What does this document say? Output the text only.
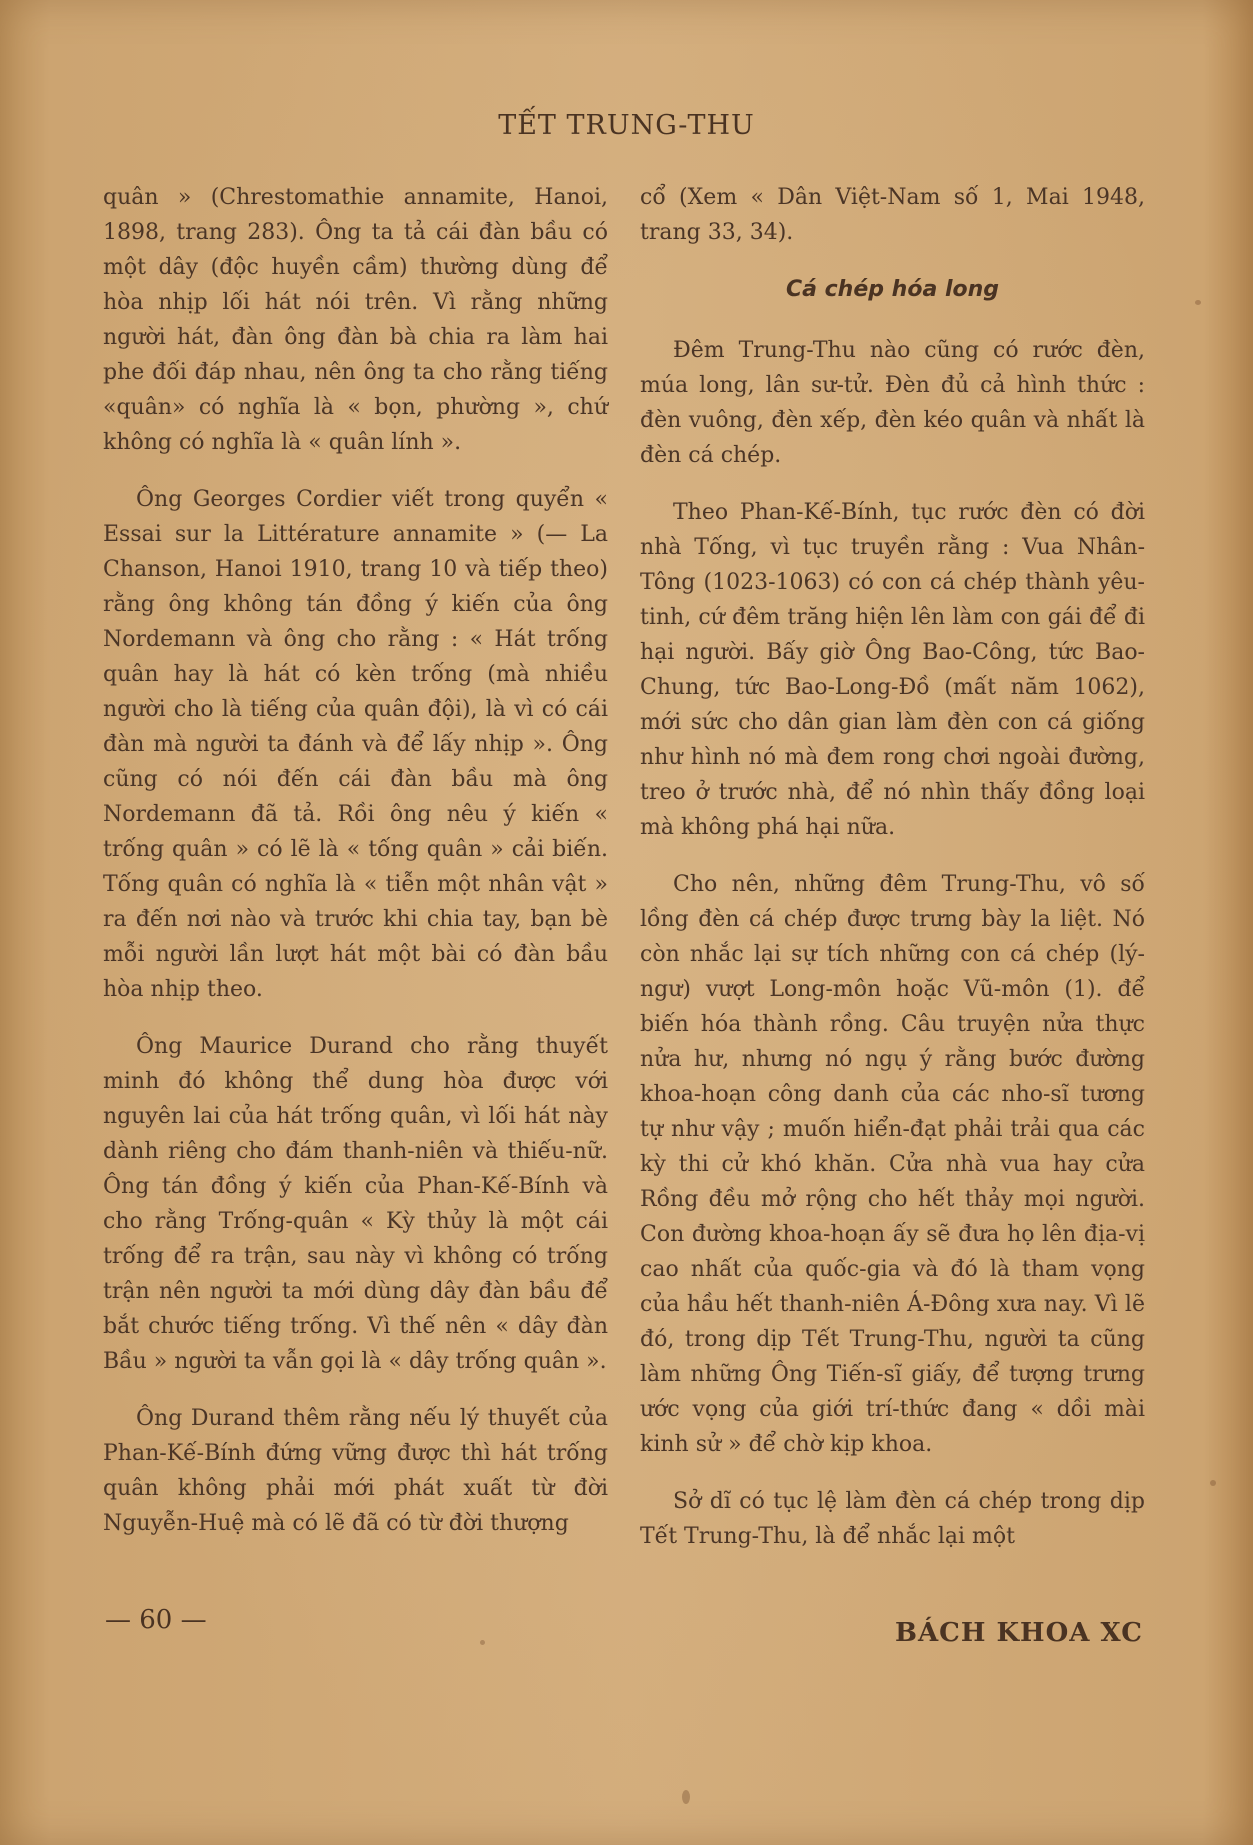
TẾT TRUNG-THU

quân » (Chrestomathie annamite, Hanoi, 1898, trang 283). Ông ta tả cái đàn bầu có một dây (độc huyền cầm) thường dùng để hòa nhịp lối hát nói trên. Vì rằng những người hát, đàn ông đàn bà chia ra làm hai phe đối đáp nhau, nên ông ta cho rằng tiếng «quân» có nghĩa là « bọn, phường », chứ không có nghĩa là « quân lính ».

Ông Georges Cordier viết trong quyển « Essai sur la Littérature annamite » (— La Chanson, Hanoi 1910, trang 10 và tiếp theo) rằng ông không tán đồng ý kiến của ông Nordemann và ông cho rằng : « Hát trống quân hay là hát có kèn trống (mà nhiều người cho là tiếng của quân đội), là vì có cái đàn mà người ta đánh và để lấy nhịp ». Ông cũng có nói đến cái đàn bầu mà ông Nordemann đã tả. Rồi ông nêu ý kiến « trống quân » có lẽ là « tống quân » cải biến. Tống quân có nghĩa là « tiễn một nhân vật » ra đến nơi nào và trước khi chia tay, bạn bè mỗi người lần lượt hát một bài có đàn bầu hòa nhịp theo.

Ông Maurice Durand cho rằng thuyết minh đó không thể dung hòa được với nguyên lai của hát trống quân, vì lối hát này dành riêng cho đám thanh-niên và thiếu-nữ. Ông tán đồng ý kiến của Phan-Kế-Bính và cho rằng Trống-quân « Kỳ thủy là một cái trống để ra trận, sau này vì không có trống trận nên người ta mới dùng dây đàn bầu để bắt chước tiếng trống. Vì thế nên « dây đàn Bầu » người ta vẫn gọi là « dây trống quân ».

Ông Durand thêm rằng nếu lý thuyết của Phan-Kế-Bính đứng vững được thì hát trống quân không phải mới phát xuất từ đời Nguyễn-Huệ mà có lẽ đã có từ đời thượng

cổ (Xem « Dân Việt-Nam số 1, Mai 1948, trang 33, 34).

Cá chép hóa long

Đêm Trung-Thu nào cũng có rước đèn, múa long, lân sư-tử. Đèn đủ cả hình thức : đèn vuông, đèn xếp, đèn kéo quân và nhất là đèn cá chép.

Theo Phan-Kế-Bính, tục rước đèn có đời nhà Tống, vì tục truyền rằng : Vua Nhân-Tông (1023-1063) có con cá chép thành yêu-tinh, cứ đêm trăng hiện lên làm con gái để đi hại người. Bấy giờ Ông Bao-Công, tức Bao-Chung, tức Bao-Long-Đồ (mất năm 1062), mới sức cho dân gian làm đèn con cá giống như hình nó mà đem rong chơi ngoài đường, treo ở trước nhà, để nó nhìn thấy đồng loại mà không phá hại nữa.

Cho nên, những đêm Trung-Thu, vô số lồng đèn cá chép được trưng bày la liệt. Nó còn nhắc lại sự tích những con cá chép (lý-ngư) vượt Long-môn hoặc Vũ-môn (1). để biến hóa thành rồng. Câu truyện nửa thực nửa hư, nhưng nó ngụ ý rằng bước đường khoa-hoạn công danh của các nho-sĩ tương tự như vậy ; muốn hiển-đạt phải trải qua các kỳ thi cử khó khăn. Cửa nhà vua hay cửa Rồng đều mở rộng cho hết thảy mọi người. Con đường khoa-hoạn ấy sẽ đưa họ lên địa-vị cao nhất của quốc-gia và đó là tham vọng của hầu hết thanh-niên Á-Đông xưa nay. Vì lẽ đó, trong dịp Tết Trung-Thu, người ta cũng làm những Ông Tiến-sĩ giấy, để tượng trưng ước vọng của giới trí-thức đang « dồi mài kinh sử » để chờ kịp khoa.

Sở dĩ có tục lệ làm đèn cá chép trong dịp Tết Trung-Thu, là để nhắc lại một

— 60 —	BÁCH KHOA XC
